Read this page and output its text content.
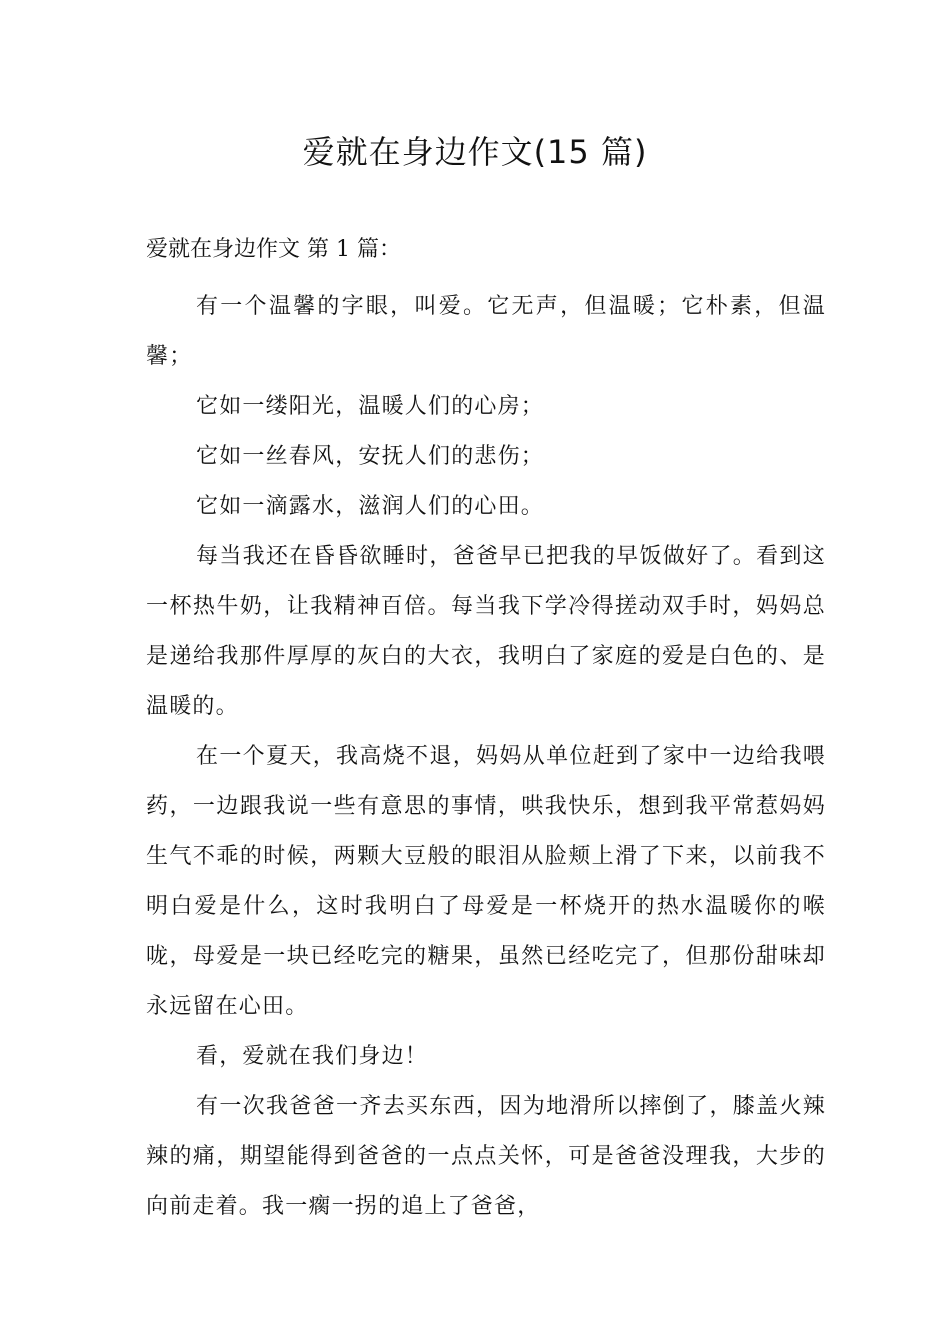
爱就在身边作文(15 篇)

爱就在身边作文 第 1 篇：

有一个温馨的字眼，叫爱。它无声，但温暖；它朴素，但温馨；

它如一缕阳光，温暖人们的心房；

它如一丝春风，安抚人们的悲伤；

它如一滴露水，滋润人们的心田。

每当我还在昏昏欲睡时，爸爸早已把我的早饭做好了。看到这一杯热牛奶，让我精神百倍。每当我下学冷得搓动双手时，妈妈总是递给我那件厚厚的灰白的大衣，我明白了家庭的爱是白色的、是温暖的。

在一个夏天，我高烧不退，妈妈从单位赶到了家中一边给我喂药，一边跟我说一些有意思的事情，哄我快乐，想到我平常惹妈妈生气不乖的时候，两颗大豆般的眼泪从脸颊上滑了下来，以前我不明白爱是什么，这时我明白了母爱是一杯烧开的热水温暖你的喉咙，母爱是一块已经吃完的糖果，虽然已经吃完了，但那份甜味却永远留在心田。

看，爱就在我们身边！

有一次我爸爸一齐去买东西，因为地滑所以摔倒了，膝盖火辣辣的痛，期望能得到爸爸的一点点关怀，可是爸爸没理我，大步的向前走着。我一瘸一拐的追上了爸爸，
